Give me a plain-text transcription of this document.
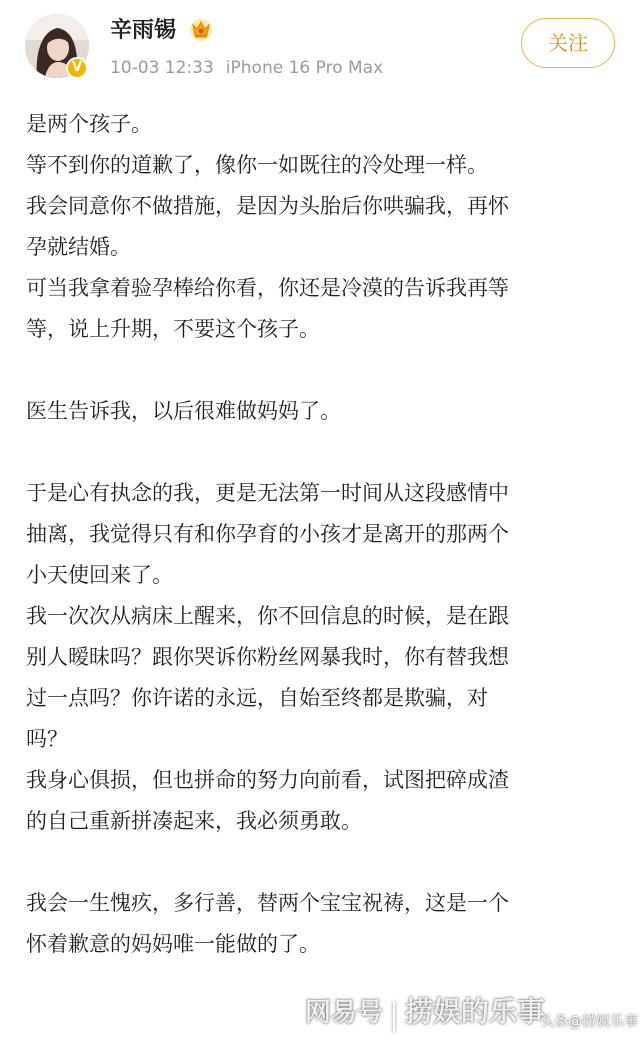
V
辛雨锡
10-03 12:33 iPhone 16 Pro Max
关注

是两个孩子。

等不到你的道歉了，像你一如既往的冷处理一样。

我会同意你不做措施，是因为头胎后你哄骗我，再怀

孕就结婚。

可当我拿着验孕棒给你看，你还是冷漠的告诉我再等

等，说上升期，不要这个孩子。

医生告诉我，以后很难做妈妈了。

于是心有执念的我，更是无法第一时间从这段感情中

抽离，我觉得只有和你孕育的小孩才是离开的那两个

小天使回来了。

我一次次从病床上醒来，你不回信息的时候，是在跟

别人暧昧吗？跟你哭诉你粉丝网暴我时，你有替我想

过一点吗？你许诺的永远，自始至终都是欺骗，对

吗？

我身心俱损，但也拼命的努力向前看，试图把碎成渣

的自己重新拼凑起来，我必须勇敢。

我会一生愧疚，多行善，替两个宝宝祝祷，这是一个

怀着歉意的妈妈唯一能做的了。

网易号 捞娱的乐事
头条@捞娱乐事
